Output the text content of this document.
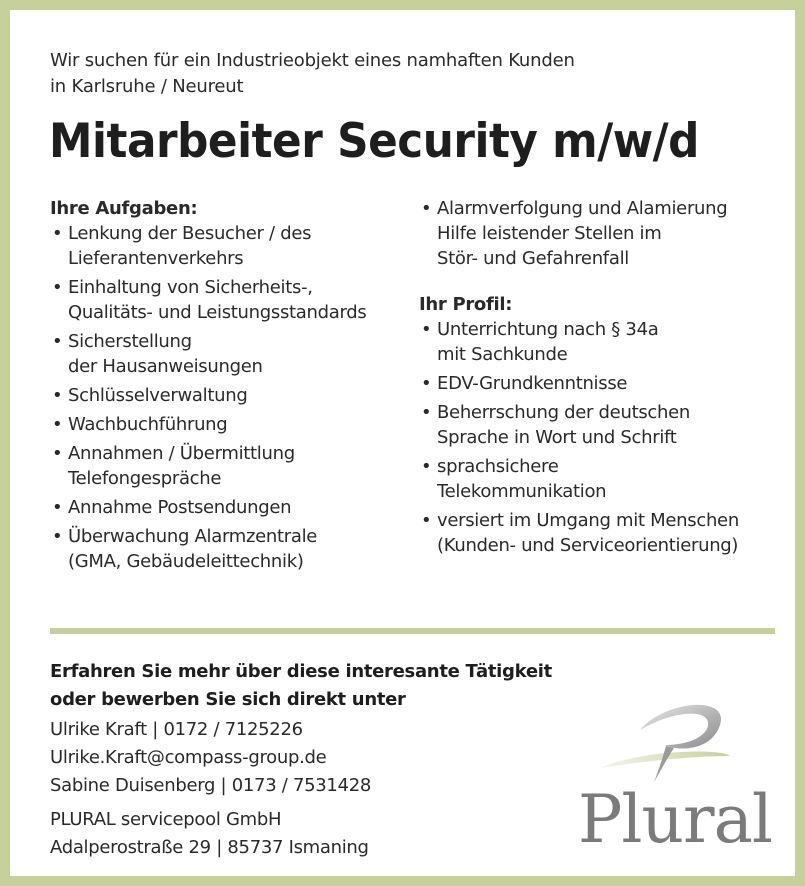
Wir suchen für ein Industrieobjekt eines namhaften Kunden
in Karlsruhe / Neureut
Mitarbeiter Security m/w/d

Ihre Aufgaben:

• Lenkung der Besucher / des
Lieferantenverkehrs
• Einhaltung von Sicherheits-,
Qualitäts- und Leistungsstandards
• Sicherstellung
der Hausanweisungen
• Schlüsselverwaltung
• Wachbuchführung
• Annahmen / Übermittlung
Telefongespräche
• Annahme Postsendungen
• Überwachung Alarmzentrale
(GMA, Gebäudeleittechnik)
• Alarmverfolgung und Alamierung
Hilfe leistender Stellen im
Stör- und Gefahrenfall

Ihr Profil:

• Unterrichtung nach § 34a
mit Sachkunde
• EDV-Grundkenntnisse
• Beherrschung der deutschen
Sprache in Wort und Schrift
• sprachsichere
Telekommunikation
• versiert im Umgang mit Menschen
(Kunden- und Serviceorientierung)
Erfahren Sie mehr über diese interesante Tätigkeit
oder bewerben Sie sich direkt unter
Ulrike Kraft | 0172 / 7125226
Ulrike.Kraft@compass-group.de
Sabine Duisenberg | 0173 / 7531428
PLURAL servicepool GmbH
Adalperostraße 29 | 85737 Ismaning	Plural
